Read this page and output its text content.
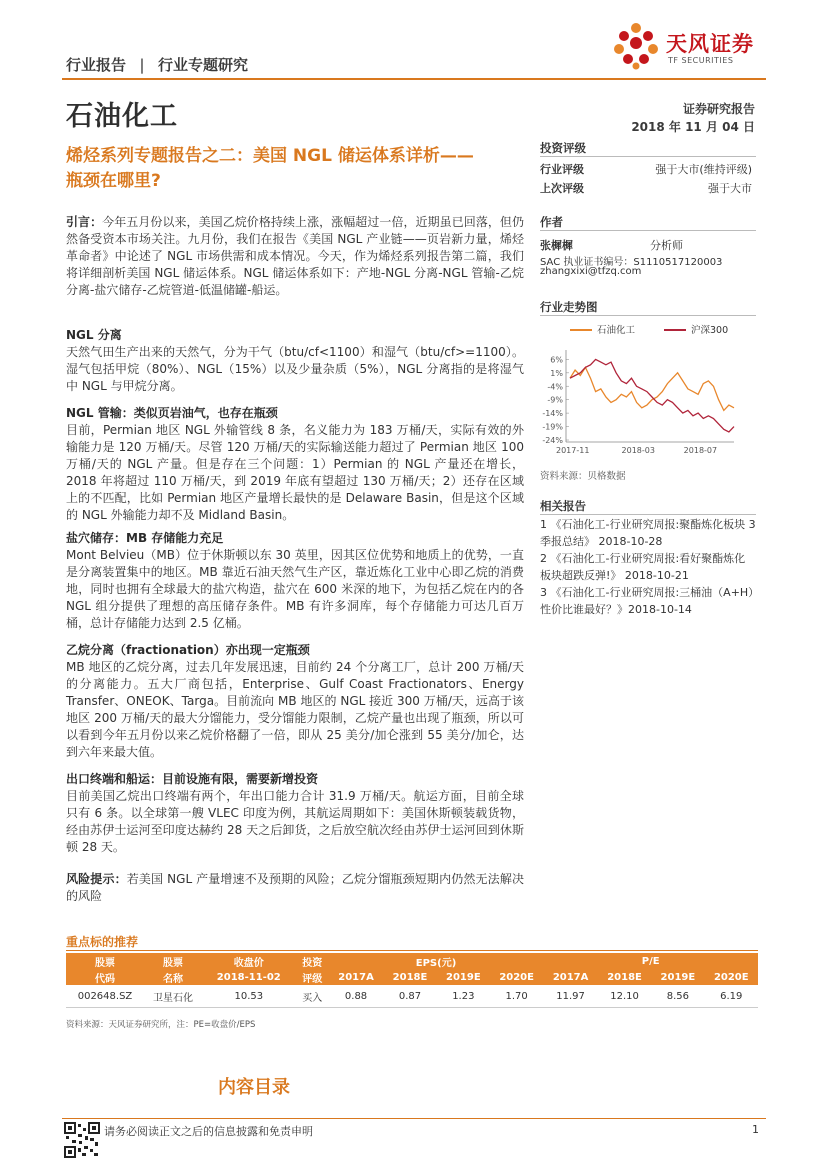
行业报告 | 行业专题研究
天风证券
TF SECURITIES
石油化工	证券研究报告
2018 年 11 月 04 日
烯烃系列专题报告之二：美国 NGL 储运体系详析——
瓶颈在哪里?
引言：今年五月份以来，美国乙烷价格持续上涨，涨幅超过一倍，近期虽已回落，但仍然备受资本市场关注。九月份，我们在报告《美国 NGL 产业链——页岩新力量，烯烃革命者》中论述了 NGL 市场供需和成本情况。今天，作为烯烃系列报告第二篇，我们将详细剖析美国 NGL 储运体系。NGL 储运体系如下：产地-NGL 分离-NGL 管输-乙烷分离-盐穴储存-乙烷管道-低温储罐-船运。
NGL 分离
天然气田生产出来的天然气，分为干气（btu/cf<1100）和湿气（btu/cf>=1100）。湿气包括甲烷（80%）、NGL（15%）以及少量杂质（5%），NGL 分离指的是将湿气中 NGL 与甲烷分离。
NGL 管输：类似页岩油气，也存在瓶颈
目前，Permian 地区 NGL 外输管线 8 条，名义能力为 183 万桶/天，实际有效的外输能力是 120 万桶/天。尽管 120 万桶/天的实际输送能力超过了 Permian 地区 100 万桶/天的 NGL 产量。但是存在三个问题：1）Permian 的 NGL 产量还在增长，2018 年将超过 110 万桶/天，到 2019 年底有望超过 130 万桶/天；2）还存在区域上的不匹配，比如 Permian 地区产量增长最快的是 Delaware Basin，但是这个区域的 NGL 外输能力却不及 Midland Basin。
盐穴储存：MB 存储能力充足
Mont Belvieu（MB）位于休斯顿以东 30 英里，因其区位优势和地质上的优势，一直是分离装置集中的地区。MB 靠近石油天然气生产区，靠近炼化工业中心即乙烷的消费地，同时也拥有全球最大的盐穴构造，盐穴在 600 米深的地下，为包括乙烷在内的各 NGL 组分提供了理想的高压储存条件。MB 有许多洞库，每个存储能力可达几百万桶，总计存储能力达到 2.5 亿桶。
乙烷分离（fractionation）亦出现一定瓶颈
MB 地区的乙烷分离，过去几年发展迅速，目前约 24 个分离工厂，总计 200 万桶/天的分离能力。五大厂商包括，Enterprise、Gulf Coast Fractionators、Energy Transfer、ONEOK、Targa。目前流向 MB 地区的 NGL 接近 300 万桶/天，远高于该地区 200 万桶/天的最大分馏能力，受分馏能力限制，乙烷产量也出现了瓶颈，所以可以看到今年五月份以来乙烷价格翻了一倍，即从 25 美分/加仑涨到 55 美分/加仑，达到六年来最大值。
出口终端和船运：目前设施有限，需要新增投资
目前美国乙烷出口终端有两个，年出口能力合计 31.9 万桶/天。航运方面，目前全球只有 6 条。以全球第一艘 VLEC 印度为例，其航运周期如下：美国休斯顿装载货物，经由苏伊士运河至印度达赫约 28 天之后卸货，之后放空航次经由苏伊士运河回到休斯顿 28 天。
风险提示：若美国 NGL 产量增速不及预期的风险；乙烷分馏瓶颈短期内仍然无法解决的风险
投资评级
行业评级	强于大市(维持评级)
上次评级	强于大市
作者
张樨樨	分析师
SAC 执业证书编号：S1110517120003
zhangxixi@tfzq.com
行业走势图
石油化工	沪深300
6%
1%
-4%
-9%
-14%
-19%
-24%
2017-11	2018-03	2018-07
资料来源：贝格数据
相关报告
1 《石油化工-行业研究周报:聚酯炼化板块 3 季报总结》 2018-10-28
2 《石油化工-行业研究周报:看好聚酯炼化板块超跌反弹!》 2018-10-21
3 《石油化工-行业研究周报:三桶油（A+H）性价比谁最好？》2018-10-14
重点标的推荐
股票	股票	收盘价	投资	EPS(元)				P/E			
代码	名称	2018-11-02	评级	2017A	2018E	2019E	2020E	2017A	2018E	2019E	2020E
002648.SZ	卫星石化	10.53	买入	0.88	0.87	1.23	1.70	11.97	12.10	8.56	6.19
资料来源：天风证券研究所，注：PE=收盘价/EPS
内容目录
请务必阅读正文之后的信息披露和免责申明	1
